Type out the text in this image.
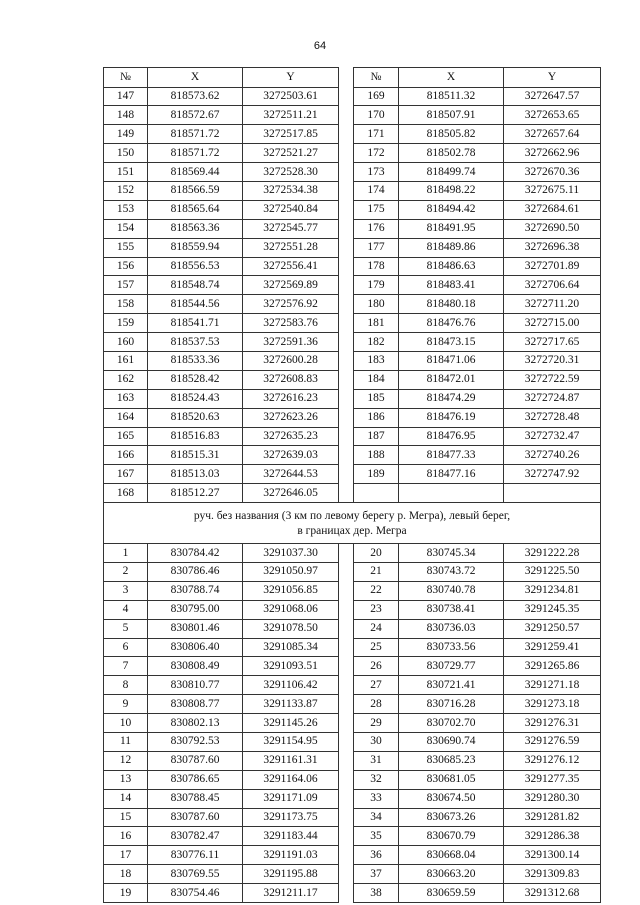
64
№	X	Y		№	X	Y
147	818573.62	3272503.61		169	818511.32	3272647.57
148	818572.67	3272511.21		170	818507.91	3272653.65
149	818571.72	3272517.85		171	818505.82	3272657.64
150	818571.72	3272521.27		172	818502.78	3272662.96
151	818569.44	3272528.30		173	818499.74	3272670.36
152	818566.59	3272534.38		174	818498.22	3272675.11
153	818565.64	3272540.84		175	818494.42	3272684.61
154	818563.36	3272545.77		176	818491.95	3272690.50
155	818559.94	3272551.28		177	818489.86	3272696.38
156	818556.53	3272556.41		178	818486.63	3272701.89
157	818548.74	3272569.89		179	818483.41	3272706.64
158	818544.56	3272576.92		180	818480.18	3272711.20
159	818541.71	3272583.76		181	818476.76	3272715.00
160	818537.53	3272591.36		182	818473.15	3272717.65
161	818533.36	3272600.28		183	818471.06	3272720.31
162	818528.42	3272608.83		184	818472.01	3272722.59
163	818524.43	3272616.23		185	818474.29	3272724.87
164	818520.63	3272623.26		186	818476.19	3272728.48
165	818516.83	3272635.23		187	818476.95	3272732.47
166	818515.31	3272639.03		188	818477.33	3272740.26
167	818513.03	3272644.53		189	818477.16	3272747.92
168	818512.27	3272646.05				

руч. без названия (3 км по левому берегу р. Мегра), левый берег,
в границах дер. Мегра						

1	830784.42	3291037.30		20	830745.34	3291222.28
2	830786.46	3291050.97		21	830743.72	3291225.50
3	830788.74	3291056.85		22	830740.78	3291234.81
4	830795.00	3291068.06		23	830738.41	3291245.35
5	830801.46	3291078.50		24	830736.03	3291250.57
6	830806.40	3291085.34		25	830733.56	3291259.41
7	830808.49	3291093.51		26	830729.77	3291265.86
8	830810.77	3291106.42		27	830721.41	3291271.18
9	830808.77	3291133.87		28	830716.28	3291273.18
10	830802.13	3291145.26		29	830702.70	3291276.31
11	830792.53	3291154.95		30	830690.74	3291276.59
12	830787.60	3291161.31		31	830685.23	3291276.12
13	830786.65	3291164.06		32	830681.05	3291277.35
14	830788.45	3291171.09		33	830674.50	3291280.30
15	830787.60	3291173.75		34	830673.26	3291281.82
16	830782.47	3291183.44		35	830670.79	3291286.38
17	830776.11	3291191.03		36	830668.04	3291300.14
18	830769.55	3291195.88		37	830663.20	3291309.83
19	830754.46	3291211.17		38	830659.59	3291312.68
